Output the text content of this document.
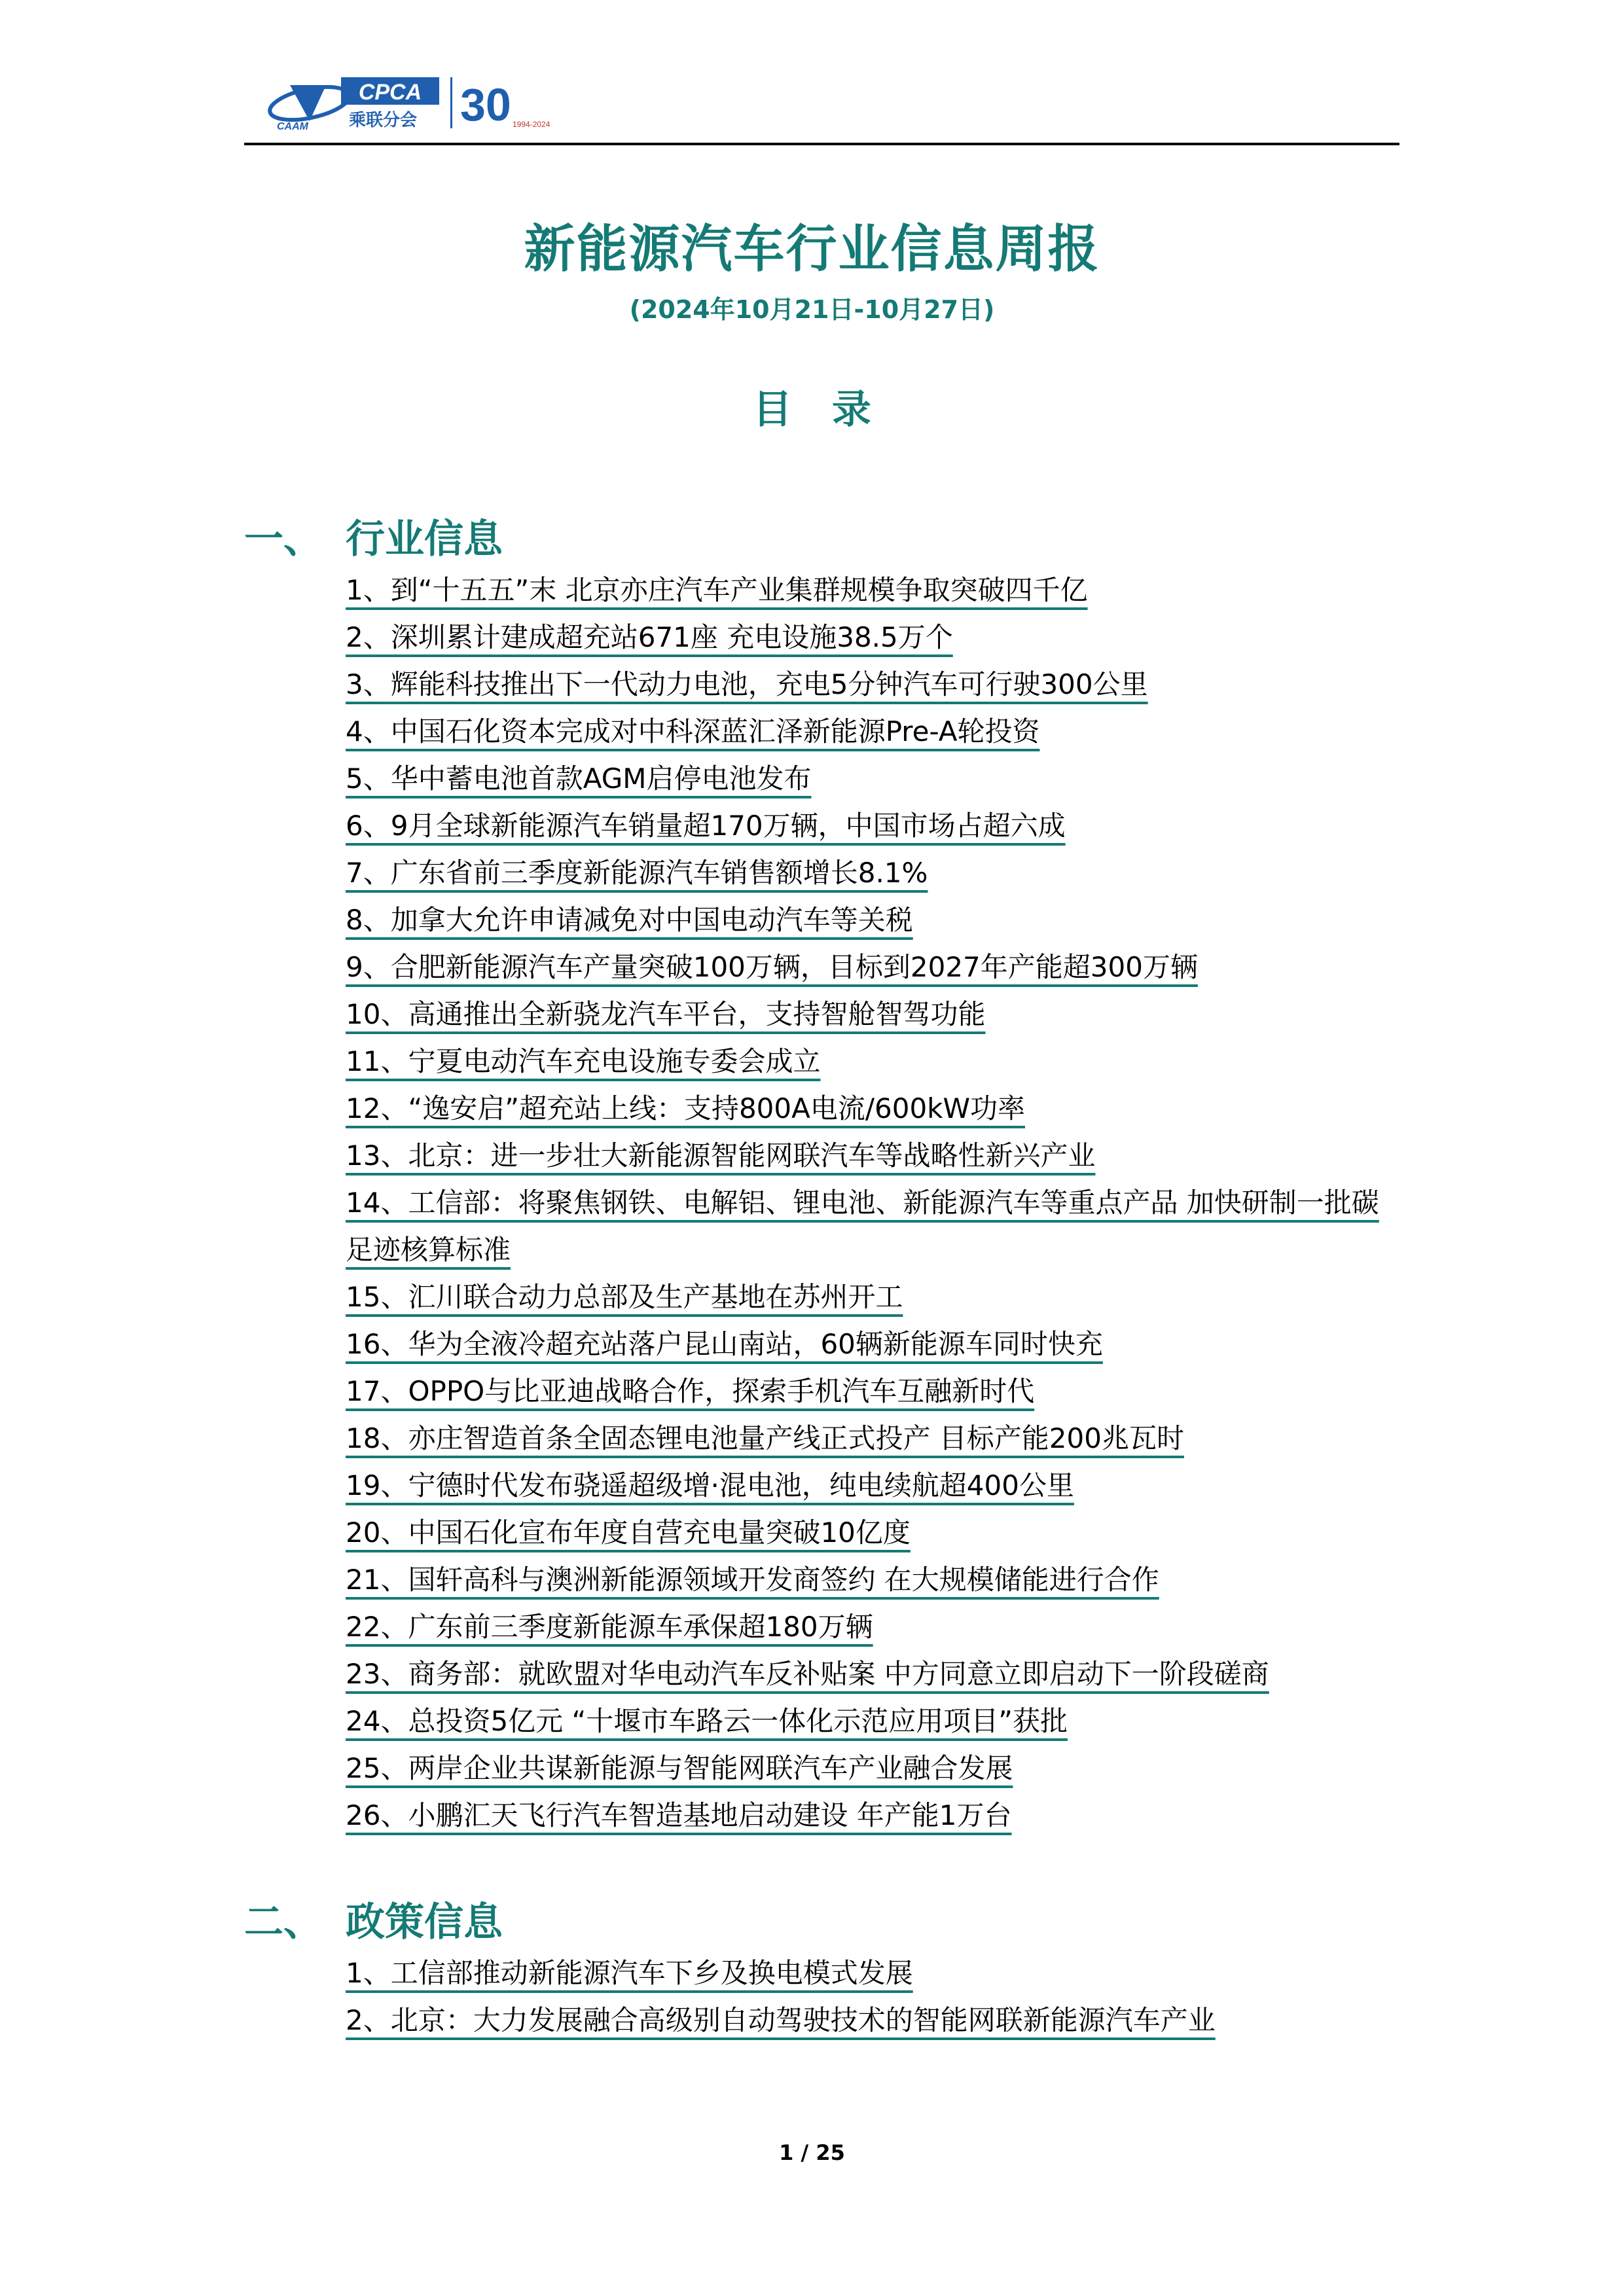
CAAM
CPCA
乘联分会 30 1994-2024
新能源汽车行业信息周报
(2024年10月21日-10月27日)
目 录
一、 行业信息
1、到“十五五”末 北京亦庄汽车产业集群规模争取突破四千亿
2、深圳累计建成超充站671座 充电设施38.5万个
3、辉能科技推出下一代动力电池，充电5分钟汽车可行驶300公里
4、中国石化资本完成对中科深蓝汇泽新能源Pre-A轮投资
5、华中蓄电池首款AGM启停电池发布
6、9月全球新能源汽车销量超170万辆，中国市场占超六成
7、广东省前三季度新能源汽车销售额增长8.1%
8、加拿大允许申请减免对中国电动汽车等关税
9、合肥新能源汽车产量突破100万辆，目标到2027年产能超300万辆
10、高通推出全新骁龙汽车平台，支持智舱智驾功能
11、宁夏电动汽车充电设施专委会成立
12、“逸安启”超充站上线：支持800A电流/600kW功率
13、北京：进一步壮大新能源智能网联汽车等战略性新兴产业
14、工信部：将聚焦钢铁、电解铝、锂电池、新能源汽车等重点产品 加快研制一批碳足迹核算标准
15、汇川联合动力总部及生产基地在苏州开工
16、华为全液冷超充站落户昆山南站，60辆新能源车同时快充
17、OPPO与比亚迪战略合作，探索手机汽车互融新时代
18、亦庄智造首条全固态锂电池量产线正式投产 目标产能200兆瓦时
19、宁德时代发布骁遥超级增·混电池，纯电续航超400公里
20、中国石化宣布年度自营充电量突破10亿度
21、国轩高科与澳洲新能源领域开发商签约 在大规模储能进行合作
22、广东前三季度新能源车承保超180万辆
23、商务部：就欧盟对华电动汽车反补贴案 中方同意立即启动下一阶段磋商
24、总投资5亿元 “十堰市车路云一体化示范应用项目”获批
25、两岸企业共谋新能源与智能网联汽车产业融合发展
26、小鹏汇天飞行汽车智造基地启动建设 年产能1万台
二、 政策信息
1、工信部推动新能源汽车下乡及换电模式发展
2、北京：大力发展融合高级别自动驾驶技术的智能网联新能源汽车产业
1 / 25
